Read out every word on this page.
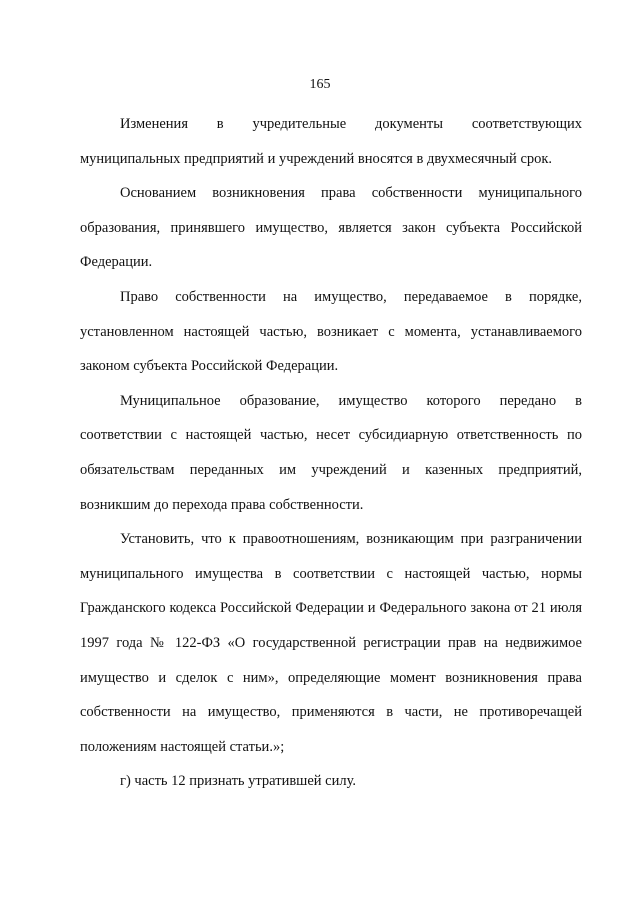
165

Изменения в учредительные документы соответствующих муниципальных предприятий и учреждений вносятся в двухмесячный срок.

Основанием возникновения права собственности муниципального образования, принявшего имущество, является закон субъекта Российской Федерации.

Право собственности на имущество, передаваемое в порядке, установленном настоящей частью, возникает с момента, устанавливаемого законом субъекта Российской Федерации.

Муниципальное образование, имущество которого передано в соответствии с настоящей частью, несет субсидиарную ответственность по обязательствам переданных им учреждений и казенных предприятий, возникшим до перехода права собственности.

Установить, что к правоотношениям, возникающим при разграничении муниципального имущества в соответствии с настоящей частью, нормы Гражданского кодекса Российской Федерации и Федерального закона от 21 июля 1997 года № 122-ФЗ «О государственной регистрации прав на недвижимое имущество и сделок с ним», определяющие момент возникновения права собственности на имущество, применяются в части, не противоречащей положениям настоящей статьи.»;

г) часть 12 признать утратившей силу.
